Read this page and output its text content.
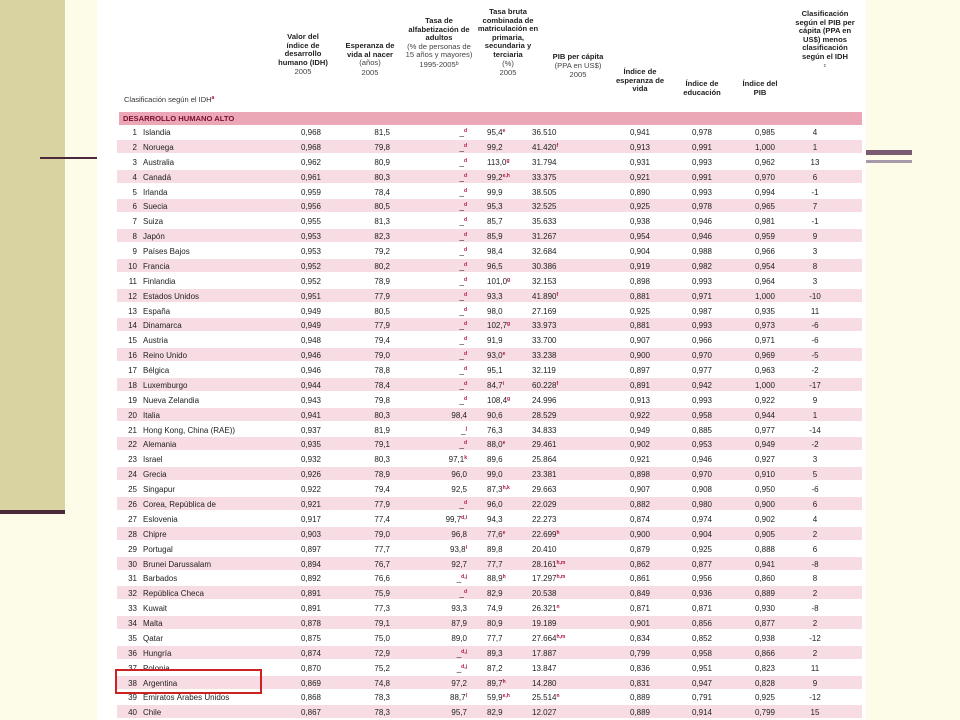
Valor del índice de desarrollo humano (IDH)
2005
Esperanza de vida al nacer
(años)
2005
Tasa de alfabetización de adultos
(% de personas de 15 años y mayores)
1995-2005ᵇ
Tasa bruta combinada de matriculación en primaria, secundaria y terciaria
(%)
2005
PIB per cápita
(PPA en US$)
2005	Índice de esperanza de vida
Índice de educación
Índice del PIB
Clasificación según el PIB per cápita (PPA en US$) menos clasificación según el IDH
ᶜ
Clasificación según el IDH$^a$
DESARROLLO HUMANO ALTO
1 Islandia	0,968	81,5	_$^d$	95,4e	36.510	0,941	0,978	0,985	4
2 Noruega	0,968	79,8	_$^d$	99,2	41.420$^f$	0,913	0,991	1,000	1
3 Australia	0,962	80,9	_$^d$	113,0$^g$	31.794	0,931	0,993	0,962	13
4 Canadá	0,961	80,3	_$^d$	99,2$^{e,h}$	33.375	0,921	0,991	0,970	6
5 Irlanda	0,959	78,4	_$^d$	99,9	38.505	0,890	0,993	0,994	-1
6 Suecia	0,956	80,5	_$^d$	95,3	32.525	0,925	0,978	0,965	7
7 Suiza	0,955	81,3	_$^d$	85,7	35.633	0,938	0,946	0,981	-1
8 Japón	0,953	82,3	_$^d$	85,9	31.267	0,954	0,946	0,959	9
9 Países Bajos	0,953	79,2	_$^d$	98,4	32.684	0,904	0,988	0,966	3
10 Francia	0,952	80,2	_$^d$	96,5	30.386	0,919	0,982	0,954	8
11 Finlandia	0,952	78,9	_$^d$	101,0$^g$	32.153	0,898	0,993	0,964	3
12 Estados Unidos	0,951	77,9	_$^d$	93,3	41.890$^f$	0,881	0,971	1,000	-10
13 España	0,949	80,5	_$^d$	98,0	27.169	0,925	0,987	0,935	11
14 Dinamarca	0,949	77,9	_$^d$	102,7$^g$	33.973	0,881	0,993	0,973	-6
15 Austria	0,948	79,4	_$^d$	91,9	33.700	0,907	0,966	0,971	-6
16 Reino Unido	0,946	79,0	_$^d$	93,0e	33.238	0,900	0,970	0,969	-5
17 Bélgica	0,946	78,8	_$^d$	95,1	32.119	0,897	0,977	0,963	-2
18 Luxemburgo	0,944	78,4	_$^d$	84,7$^i$	60.228$^f$	0,891	0,942	1,000	-17
19 Nueva Zelandia	0,943	79,8	_$^d$	108,4$^g$	24.996	0,913	0,993	0,922	9
20 Italia	0,941	80,3	98,4	90,6	28.529	0,922	0,958	0,944	1
21 Hong Kong, China (RAE))	0,937	81,9	_$^j$	76,3	34.833	0,949	0,885	0,977	-14
22 Alemania	0,935	79,1	_$^d$	88,0e	29.461	0,902	0,953	0,949	-2
23 Israel	0,932	80,3	97,1$^k$	89,6	25.864	0,921	0,946	0,927	3
24 Grecia	0,926	78,9	96,0	99,0	23.381	0,898	0,970	0,910	5
25 Singapur	0,922	79,4	92,5	87,3$^{h,k}$	29.663	0,907	0,908	0,950	-6
26 Corea, República de	0,921	77,9	_$^d$	96,0	22.029	0,882	0,980	0,900	6
27 Eslovenia	0,917	77,4	99,7$^{d,l}$	94,3	22.273	0,874	0,974	0,902	4
28 Chipre	0,903	79,0	96,8	77,6e	22.699$^h$	0,900	0,904	0,905	2
29 Portugal	0,897	77,7	93,8$^l$	89,8	20.410	0,879	0,925	0,888	6
30 Brunei Darussalam	0,894	76,7	92,7	77,7	28.161$^{h,m}$	0,862	0,877	0,941	-8
31 Barbados	0,892	76,6	_$^{d,j}$	88,9$^h$	17.297$^{h,m}$	0,861	0,956	0,860	8
32 República Checa	0,891	75,9	_$^d$	82,9	20.538	0,849	0,936	0,889	2
33 Kuwait	0,891	77,3	93,3	74,9	26.321$^n$	0,871	0,871	0,930	-8
34 Malta	0,878	79,1	87,9	80,9	19.189	0,901	0,856	0,877	2
35 Qatar	0,875	75,0	89,0	77,7	27.664$^{h,m}$	0,834	0,852	0,938	-12
36 Hungría	0,874	72,9	_$^{d,j}$	89,3	17.887	0,799	0,958	0,866	2
37 Polonia	0,870	75,2	_$^{d,j}$	87,2	13.847	0,836	0,951	0,823	11
38 Argentina	0,869	74,8	97,2	89,7$^h$	14.280	0,831	0,947	0,828	9
39 Emiratos Árabes Unidos	0,868	78,3	88,7$^l$	59,9$^{e,h}$	25.514$^n$	0,889	0,791	0,925	-12
40 Chile	0,867	78,3	95,7	82,9	12.027	0,889	0,914	0,799	15
